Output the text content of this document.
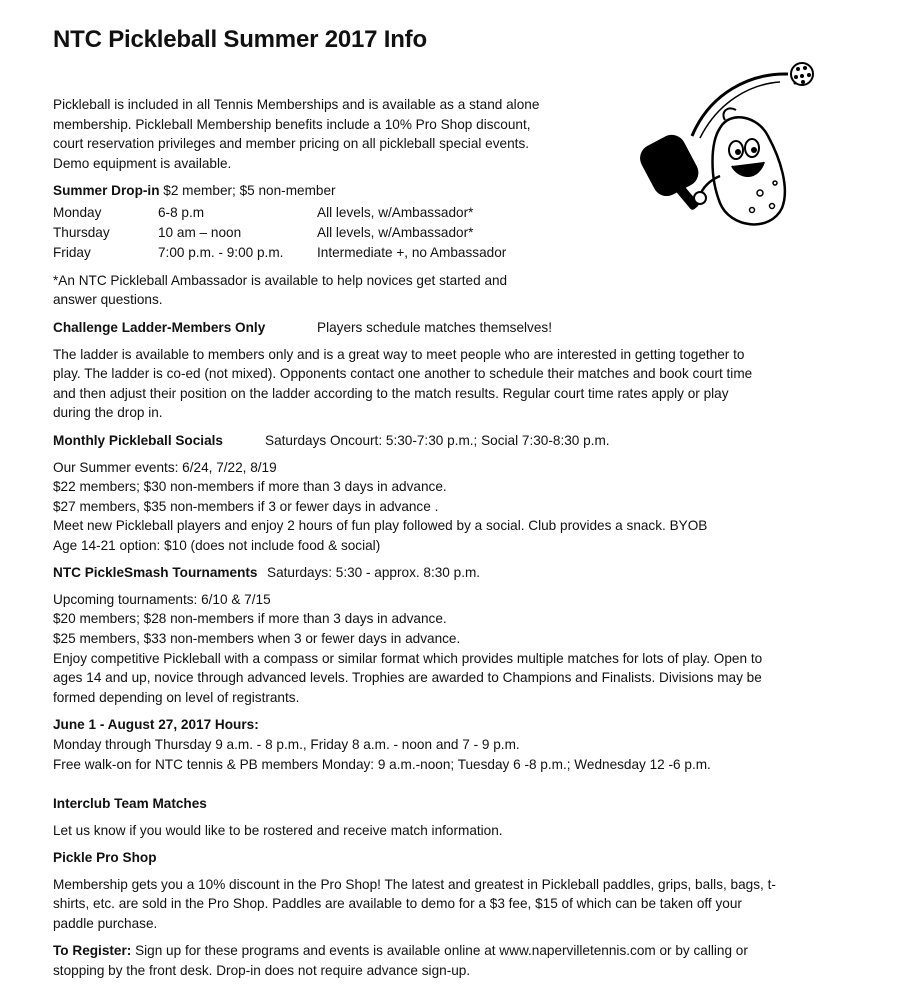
NTC Pickleball Summer 2017 Info
Pickleball is included in all Tennis Memberships and is available as a stand alone
membership. Pickleball Membership benefits include a 10% Pro Shop discount,
court reservation privileges and member pricing on all pickleball special events.
Demo equipment is available.
Summer Drop-in $2 member; $5 non-member
Monday	6-8 p.m	All levels, w/Ambassador*
Thursday	10 am – noon	All levels, w/Ambassador*
Friday	7:00 p.m. - 9:00 p.m. Intermediate +, no Ambassador
*An NTC Pickleball Ambassador is available to help novices get started and
answer questions.
Challenge Ladder-Members Only	Players schedule matches themselves!
The ladder is available to members only and is a great way to meet people who are interested in getting together to
play. The ladder is co-ed (not mixed). Opponents contact one another to schedule their matches and book court time
and then adjust their position on the ladder according to the match results. Regular court time rates apply or play
during the drop in.
Monthly Pickleball Socials	Saturdays Oncourt: 5:30-7:30 p.m.; Social 7:30-8:30 p.m.
Our Summer events: 6/24, 7/22, 8/19
$22 members; $30 non-members if more than 3 days in advance.
$27 members, $35 non-members if 3 or fewer days in advance .
Meet new Pickleball players and enjoy 2 hours of fun play followed by a social. Club provides a snack. BYOB
Age 14-21 option: $10 (does not include food & social)
NTC PickleSmash Tournaments Saturdays: 5:30 - approx. 8:30 p.m.
Upcoming tournaments: 6/10 & 7/15
$20 members; $28 non-members if more than 3 days in advance.
$25 members, $33 non-members when 3 or fewer days in advance.
Enjoy competitive Pickleball with a compass or similar format which provides multiple matches for lots of play. Open to
ages 14 and up, novice through advanced levels. Trophies are awarded to Champions and Finalists. Divisions may be
formed depending on level of registrants.
June 1 - August 27, 2017 Hours:
Monday through Thursday 9 a.m. - 8 p.m., Friday 8 a.m. - noon and 7 - 9 p.m.
Free walk-on for NTC tennis & PB members Monday: 9 a.m.-noon; Tuesday 6 -8 p.m.; Wednesday 12 -6 p.m.
Interclub Team Matches
Let us know if you would like to be rostered and receive match information.
Pickle Pro Shop
Membership gets you a 10% discount in the Pro Shop! The latest and greatest in Pickleball paddles, grips, balls, bags, t-
shirts, etc. are sold in the Pro Shop. Paddles are available to demo for a $3 fee, $15 of which can be taken off your
paddle purchase.
To Register: Sign up for these programs and events is available online at www.napervilletennis.com or by calling or
stopping by the front desk. Drop-in does not require advance sign-up.
